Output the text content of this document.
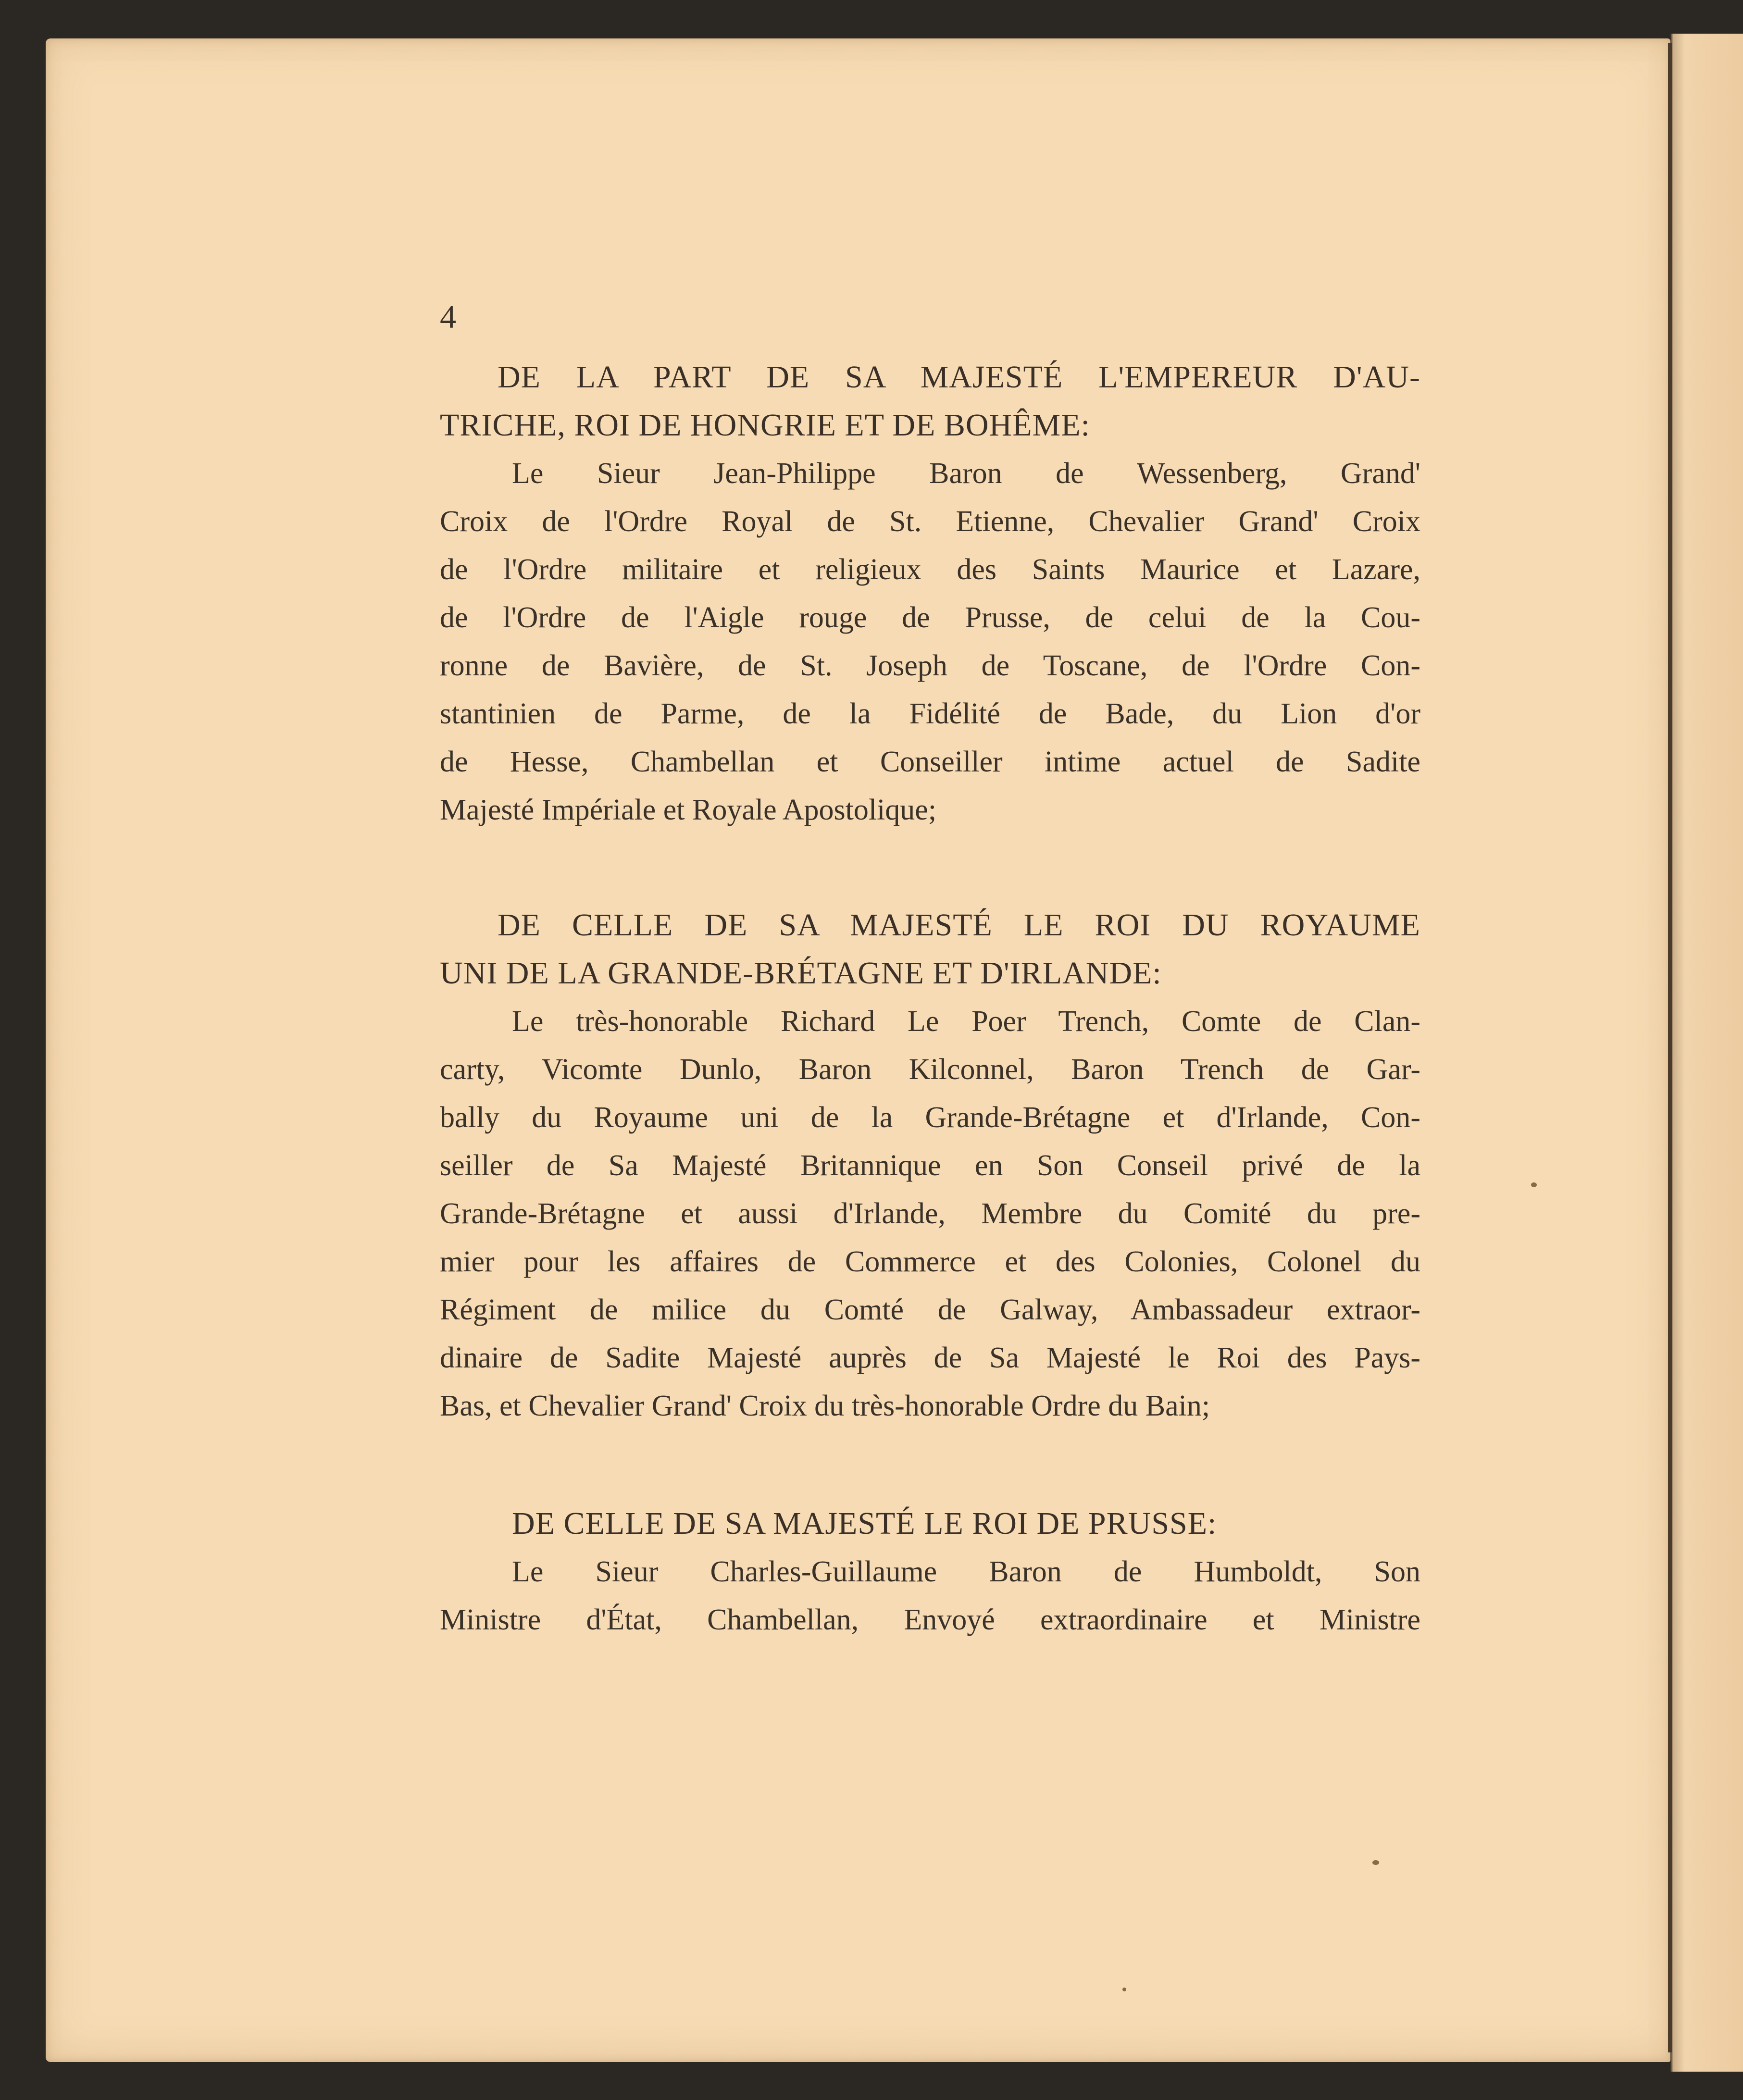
4
DE LA PART DE SA MAJESTÉ L'EMPEREUR D'AU-
TRICHE, ROI DE HONGRIE ET DE BOHÊME:
Le Sieur Jean-Philippe Baron de Wessenberg, Grand'
Croix de l'Ordre Royal de St. Etienne, Chevalier Grand' Croix
de l'Ordre militaire et religieux des Saints Maurice et Lazare,
de l'Ordre de l'Aigle rouge de Prusse, de celui de la Cou-
ronne de Bavière, de St. Joseph de Toscane, de l'Ordre Con-
stantinien de Parme, de la Fidélité de Bade, du Lion d'or
de Hesse, Chambellan et Conseiller intime actuel de Sadite
Majesté Impériale et Royale Apostolique;
DE CELLE DE SA MAJESTÉ LE ROI DU ROYAUME
UNI DE LA GRANDE-BRÉTAGNE ET D'IRLANDE:
Le très-honorable Richard Le Poer Trench, Comte de Clan-
carty, Vicomte Dunlo, Baron Kilconnel, Baron Trench de Gar-
bally du Royaume uni de la Grande-Brétagne et d'Irlande, Con-
seiller de Sa Majesté Britannique en Son Conseil privé de la
Grande-Brétagne et aussi d'Irlande, Membre du Comité du pre-
mier pour les affaires de Commerce et des Colonies, Colonel du
Régiment de milice du Comté de Galway, Ambassadeur extraor-
dinaire de Sadite Majesté auprès de Sa Majesté le Roi des Pays-
Bas, et Chevalier Grand' Croix du très-honorable Ordre du Bain;
DE CELLE DE SA MAJESTÉ LE ROI DE PRUSSE:
Le Sieur Charles-Guillaume Baron de Humboldt, Son
Ministre d'État, Chambellan, Envoyé extraordinaire et Ministre
